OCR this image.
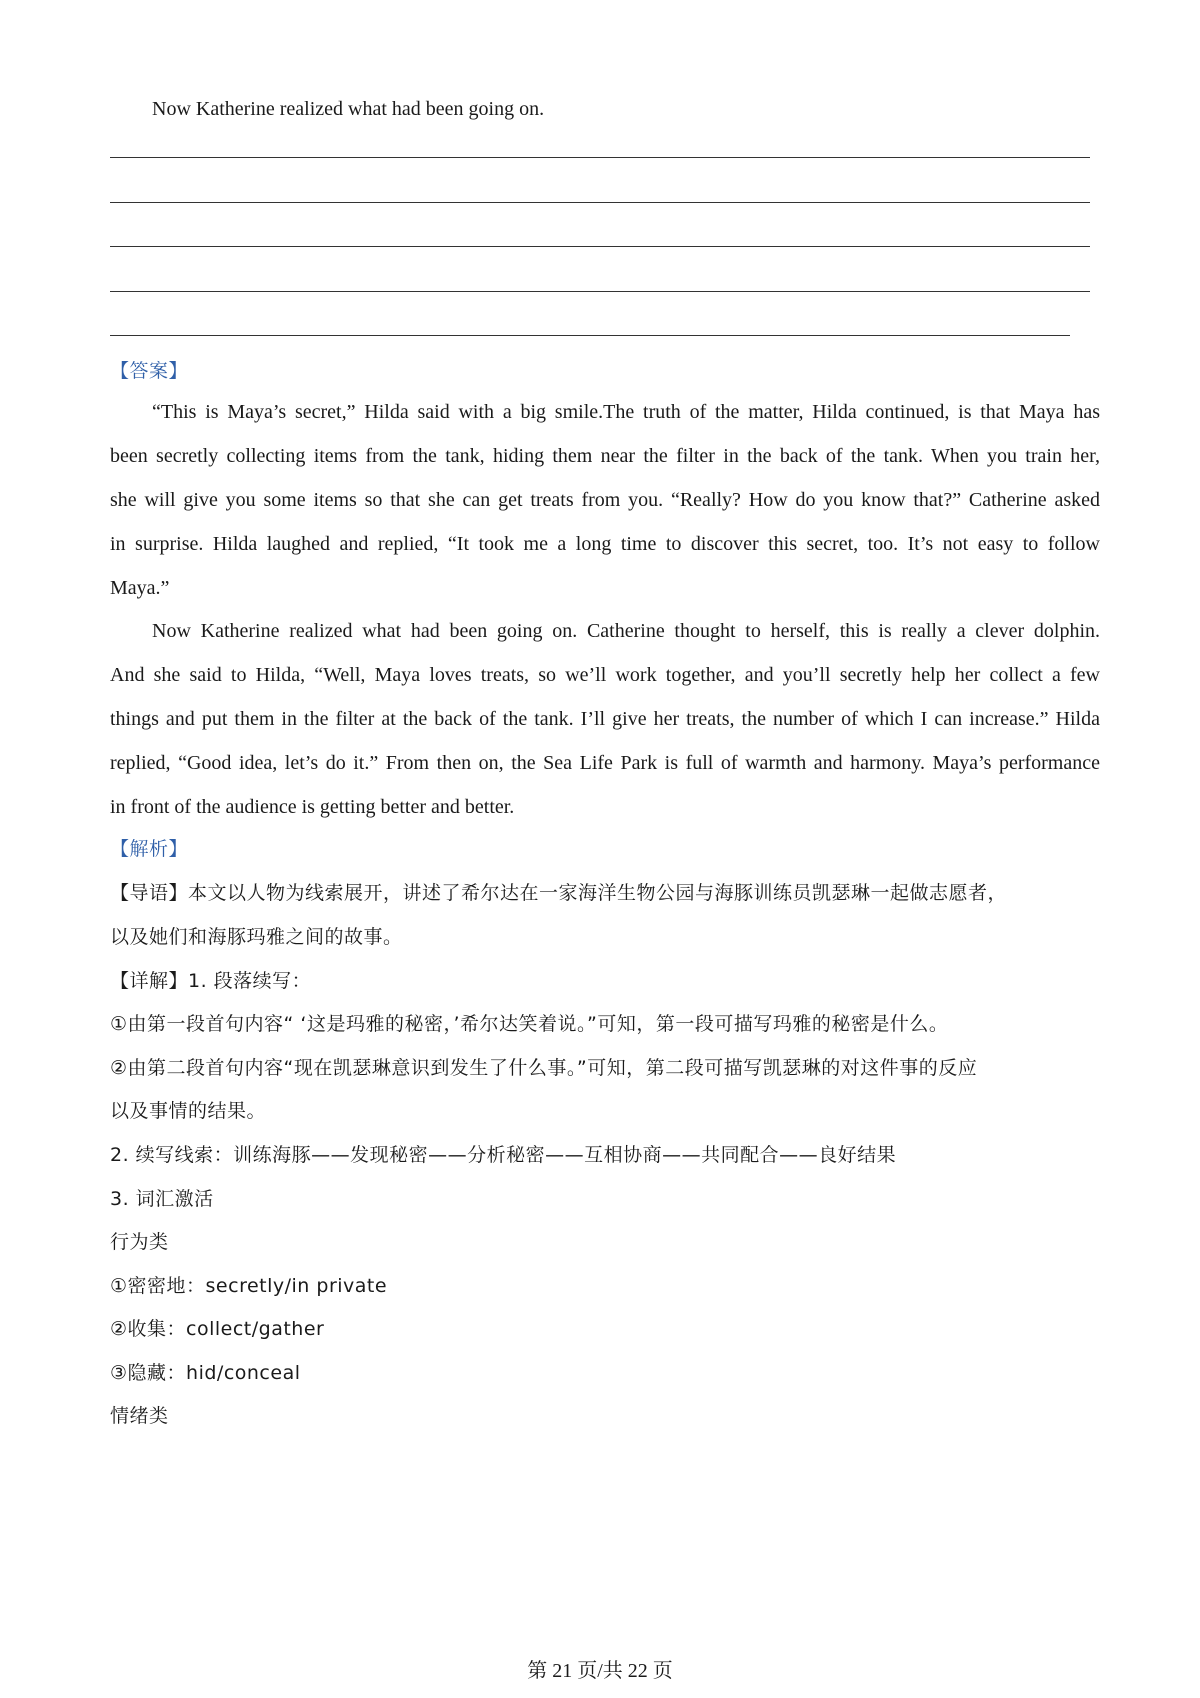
Now Katherine realized what had been going on.
【答案】
“This is Maya’s secret,” Hilda said with a big smile.The truth of the matter, Hilda continued, is that Maya has
been secretly collecting items from the tank, hiding them near the filter in the back of the tank. When you train her,
she will give you some items so that she can get treats from you. “Really? How do you know that?” Catherine asked
in surprise. Hilda laughed and replied, “It took me a long time to discover this secret, too. It’s not easy to follow
Maya.”
Now Katherine realized what had been going on. Catherine thought to herself, this is really a clever dolphin.
And she said to Hilda, “Well, Maya loves treats, so we’ll work together, and you’ll secretly help her collect a few
things and put them in the filter at the back of the tank. I’ll give her treats, the number of which I can increase.” Hilda
replied, “Good idea, let’s do it.” From then on, the Sea Life Park is full of warmth and harmony. Maya’s performance
in front of the audience is getting better and better.
【解析】
【导语】本文以人物为线索展开，讲述了希尔达在一家海洋生物公园与海豚训练员凯瑟琳一起做志愿者，
以及她们和海豚玛雅之间的故事。
【详解】1. 段落续写：
①由第一段首句内容“ ‘这是玛雅的秘密，’希尔达笑着说。”可知，第一段可描写玛雅的秘密是什么。
②由第二段首句内容“现在凯瑟琳意识到发生了什么事。”可知，第二段可描写凯瑟琳的对这件事的反应
以及事情的结果。
2. 续写线索：训练海豚——发现秘密——分析秘密——互相协商——共同配合——良好结果
3. 词汇激活
行为类
①密密地：secretly/in private
②收集：collect/gather
③隐藏：hid/conceal
情绪类
第 21 页/共 22 页
